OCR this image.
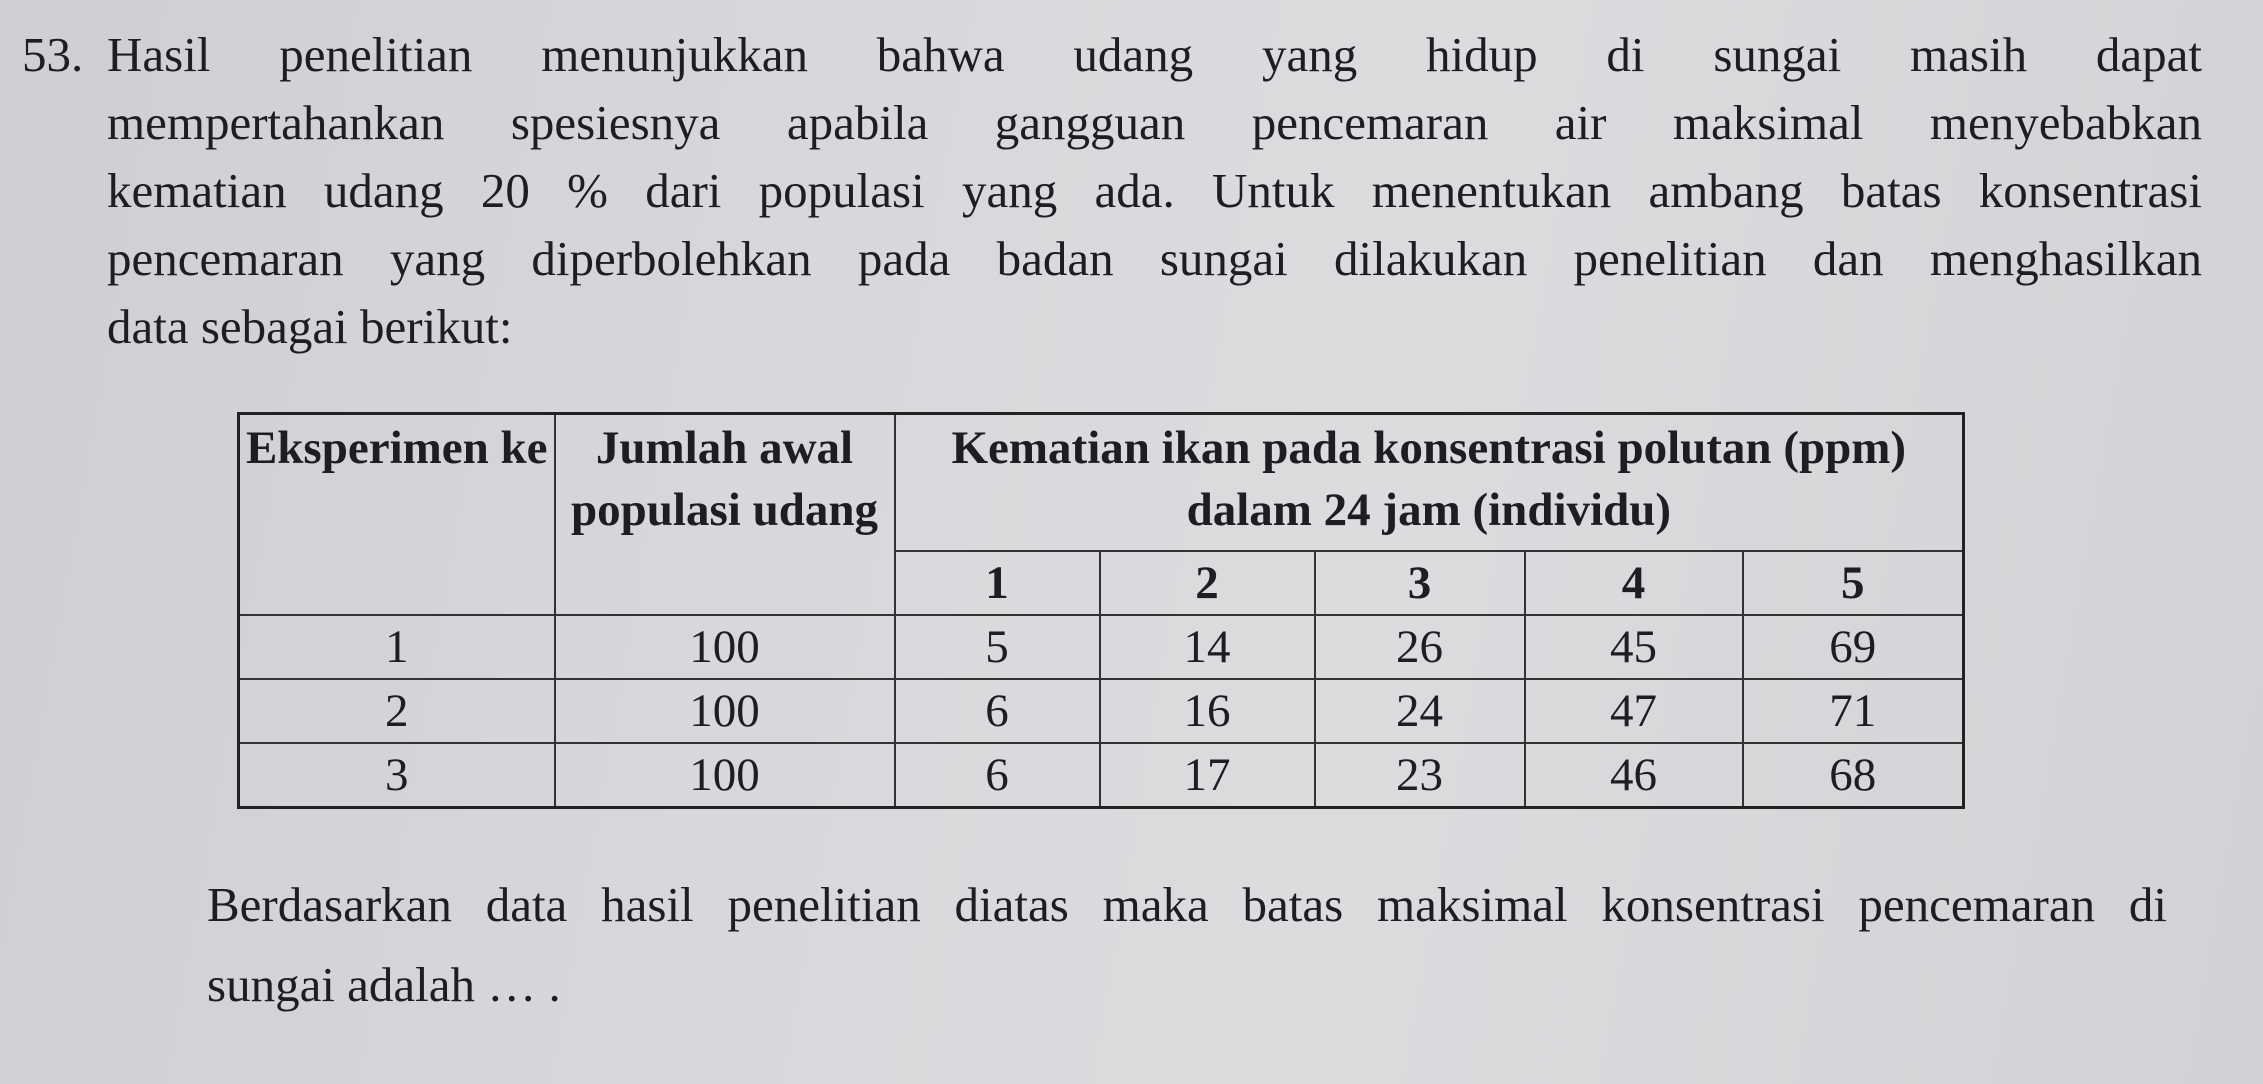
53. Hasil penelitian menunjukkan bahwa udang yang hidup di sungai masih dapat
mempertahankan spesiesnya apabila gangguan pencemaran air maksimal menyebabkan
kematian udang 20 % dari populasi yang ada. Untuk menentukan ambang batas konsentrasi
pencemaran yang diperbolehkan pada badan sungai dilakukan penelitian dan menghasilkan
data sebagai berikut:
Eksperimen ke	Jumlah awal populasi udang	Kematian ikan pada konsentrasi polutan (ppm) dalam 24 jam (individu)				
		1	2	3	4	5
1	100	5	14	26	45	69
2	100	6	16	24	47	71
3	100	6	17	23	46	68
Berdasarkan data hasil penelitian diatas maka batas maksimal konsentrasi pencemaran di
sungai adalah … .
